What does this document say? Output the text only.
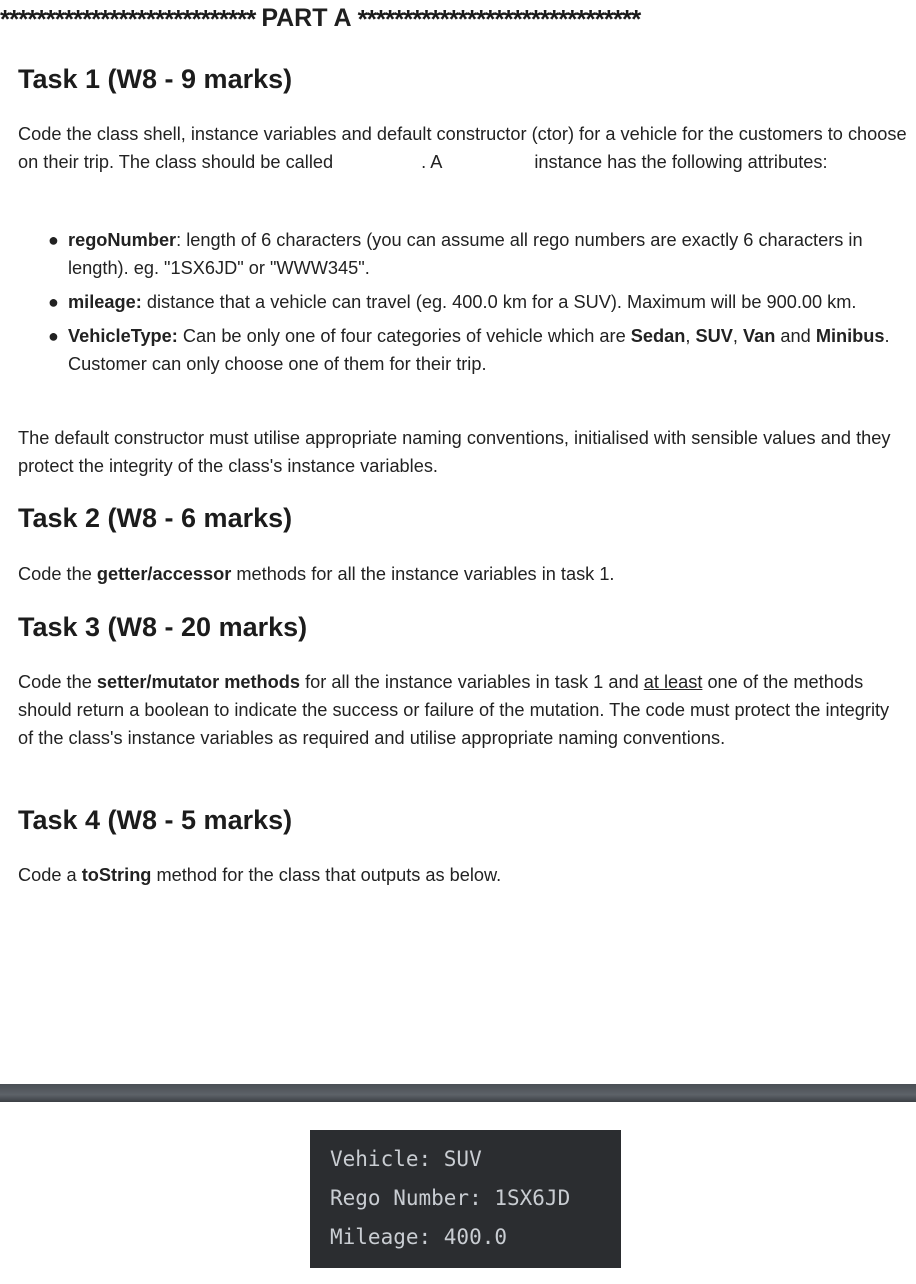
**************************** PART A *******************************
Task 1 (W8 - 9 marks)

Code the class shell, instance variables and default constructor (ctor) for a vehicle for the customers to choose on their trip. The class should be called	. A	instance has the following attributes:

● regoNumber: length of 6 characters (you can assume all rego numbers are exactly 6 characters in length). eg. "1SX6JD" or "WWW345".
● mileage: distance that a vehicle can travel (eg. 400.0 km for a SUV). Maximum will be 900.00 km.
● VehicleType: Can be only one of four categories of vehicle which are Sedan, SUV, Van and Minibus. Customer can only choose one of them for their trip.

The default constructor must utilise appropriate naming conventions, initialised with sensible values and they protect the integrity of the class's instance variables.

Task 2 (W8 - 6 marks)

Code the getter/accessor methods for all the instance variables in task 1.

Task 3 (W8 - 20 marks)

Code the setter/mutator methods for all the instance variables in task 1 and at least one of the methods should return a boolean to indicate the success or failure of the mutation. The code must protect the integrity of the class's instance variables as required and utilise appropriate naming conventions.

Task 4 (W8 - 5 marks)

Code a toString method for the class that outputs as below.

Vehicle: SUV
Rego Number: 1SX6JD
Mileage: 400.0
